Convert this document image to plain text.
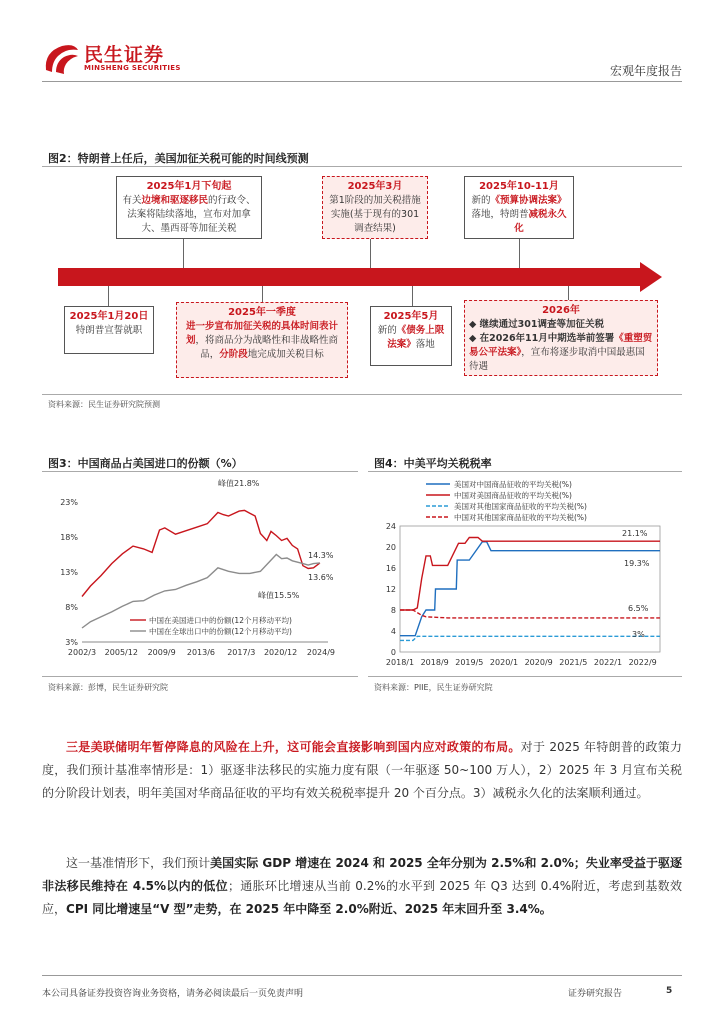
民生证券
MINSHENG SECURITIES	宏观年度报告
图2：特朗普上任后，美国加征关税可能的时间线预测
2025年1月下旬起
有关边境和驱逐移民的行政令、法案将陆续落地，宣布对加拿大、墨西哥等加征关税
2025年3月
第1阶段的加关税措施实施(基于现有的301调查结果)
2025年10-11月
新的《预算协调法案》落地，特朗普减税永久化
2025年1月20日
特朗普宣誓就职
2025年一季度
进一步宣布加征关税的具体时间表计划，将商品分为战略性和非战略性商品，分阶段地完成加关税目标
2025年5月
新的《债务上限法案》落地
2026年
◆ 继续通过301调查等加征关税
◆ 在2026年11月中期选举前签署《重塑贸易公平法案》，宣布将逐步取消中国最惠国待遇
资料来源：民生证券研究院预测
图3：中国商品占美国进口的份额（%）
3%
8%
13%
18%
23%
2002/3 2005/12 2009/9 2013/6 2017/3 2020/12 2024/9
中国在美国进口中的份额(12个月移动平均)
中国在全球出口中的份额(12个月移动平均)
峰值21.8%
峰值15.5%
14.3%
13.6%
资料来源：彭博，民生证券研究院
图4：中美平均关税税率
0
4
8
12
16
20
24
2018/1 2018/9 2019/5 2020/1 2020/9 2021/5 2022/1 2022/9
美国对中国商品征收的平均关税(%)
中国对美国商品征收的平均关税(%)
美国对其他国家商品征收的平均关税(%)
中国对其他国家商品征收的平均关税(%)
21.1%
19.3%
6.5%
3%
资料来源：PIIE，民生证券研究院
三是美联储明年暂停降息的风险在上升，这可能会直接影响到国内应对政策的布局。对于 2025 年特朗普的政策力度，我们预计基准率情形是：1）驱逐非法移民的实施力度有限（一年驱逐 50~100 万人），2）2025 年 3 月宣布关税的分阶段计划表，明年美国对华商品征收的平均有效关税税率提升 20 个百分点。3）减税永久化的法案顺利通过。
这一基准情形下，我们预计美国实际 GDP 增速在 2024 和 2025 全年分别为 2.5%和 2.0%；失业率受益于驱逐非法移民维持在 4.5%以内的低位；通胀环比增速从当前 0.2%的水平到 2025 年 Q3 达到 0.4%附近，考虑到基数效应，CPI 同比增速呈“V 型”走势，在 2025 年中降至 2.0%附近、2025 年末回升至 3.4%。
本公司具备证券投资咨询业务资格，请务必阅读最后一页免责声明	证券研究报告	5
